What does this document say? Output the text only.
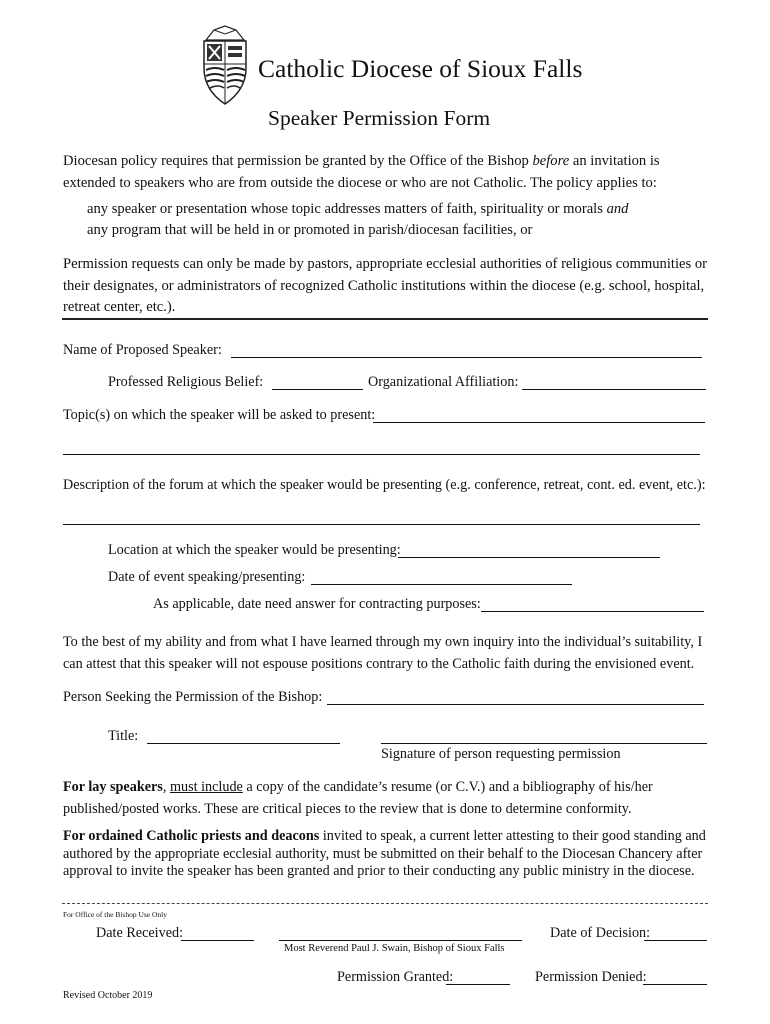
Catholic Diocese of Sioux Falls
Speaker Permission Form
Diocesan policy requires that permission be granted by the Office of the Bishop before an invitation is extended to speakers who are from outside the diocese or who are not Catholic. The policy applies to:
any speaker or presentation whose topic addresses matters of faith, spirituality or morals and
any program that will be held in or promoted in parish/diocesan facilities, or
Permission requests can only be made by pastors, appropriate ecclesial authorities of religious communities or their designates, or administrators of recognized Catholic institutions within the diocese (e.g. school, hospital, retreat center, etc.).
Name of Proposed Speaker:
Professed Religious Belief:	Organizational Affiliation:
Topic(s) on which the speaker will be asked to present:
Description of the forum at which the speaker would be presenting (e.g. conference, retreat, cont. ed. event, etc.):
Location at which the speaker would be presenting:
Date of event speaking/presenting:
As applicable, date need answer for contracting purposes:
To the best of my ability and from what I have learned through my own inquiry into the individual’s suitability, I can attest that this speaker will not espouse positions contrary to the Catholic faith during the envisioned event.
Person Seeking the Permission of the Bishop:
Title:
Signature of person requesting permission
For lay speakers, must include a copy of the candidate’s resume (or C.V.) and a bibliography of his/her published/posted works. These are critical pieces to the review that is done to determine conformity.
For ordained Catholic priests and deacons invited to speak, a current letter attesting to their good standing and authored by the appropriate ecclesial authority, must be submitted on their behalf to the Diocesan Chancery after approval to invite the speaker has been granted and prior to their conducting any public ministry in the diocese.
For Office of the Bishop Use Only
Date Received:
Most Reverend Paul J. Swain, Bishop of Sioux Falls
Date of Decision:
Permission Granted:	Permission Denied:
Revised October 2019
